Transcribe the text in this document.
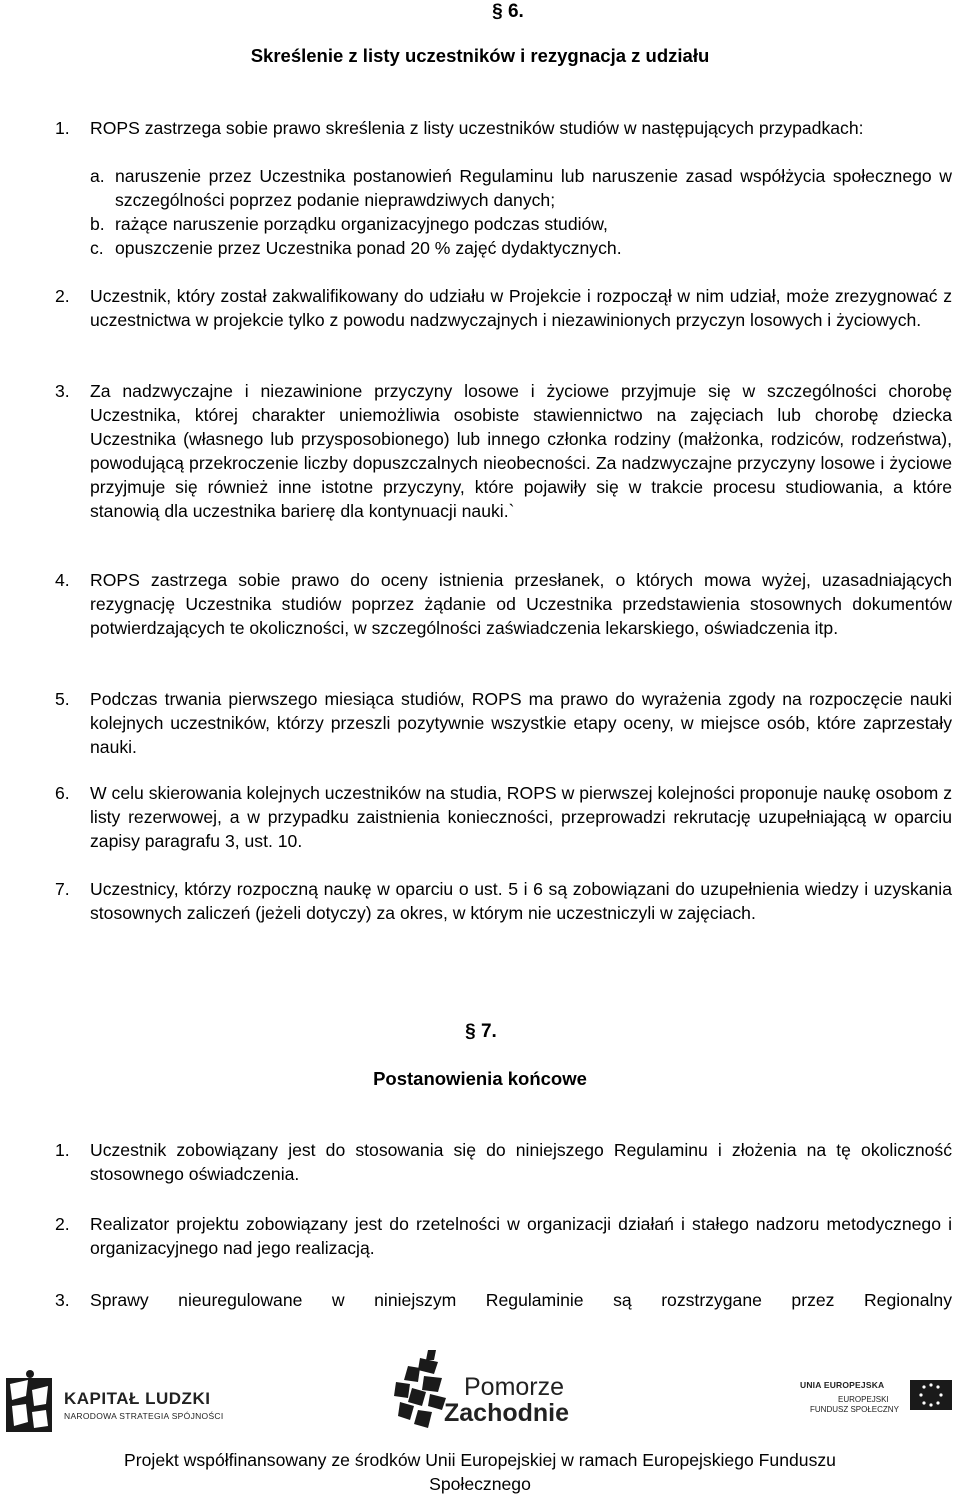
§ 6.
Skreślenie z listy uczestników i rezygnacja z udziału
1. ROPS zastrzega sobie prawo skreślenia z listy uczestników studiów w następujących przypadkach:
a. naruszenie przez Uczestnika postanowień Regulaminu lub naruszenie zasad współżycia społecznego w szczególności poprzez podanie nieprawdziwych danych;
b. rażące naruszenie porządku organizacyjnego podczas studiów,
c. opuszczenie przez Uczestnika ponad 20 % zajęć dydaktycznych.
2. Uczestnik, który został zakwalifikowany do udziału w Projekcie i rozpoczął w nim udział, może zrezygnować z uczestnictwa w projekcie tylko z powodu nadzwyczajnych i niezawinionych przyczyn losowych i życiowych.
3. Za nadzwyczajne i niezawinione przyczyny losowe i życiowe przyjmuje się w szczególności chorobę Uczestnika, której charakter uniemożliwia osobiste stawiennictwo na zajęciach lub chorobę dziecka Uczestnika (własnego lub przysposobionego) lub innego członka rodziny (małżonka, rodziców, rodzeństwa), powodującą przekroczenie liczby dopuszczalnych nieobecności. Za nadzwyczajne przyczyny losowe i życiowe przyjmuje się również inne istotne przyczyny, które pojawiły się w trakcie procesu studiowania, a które stanowią dla uczestnika barierę dla kontynuacji nauki.`
4. ROPS zastrzega sobie prawo do oceny istnienia przesłanek, o których mowa wyżej, uzasadniających rezygnację Uczestnika studiów poprzez żądanie od Uczestnika przedstawienia stosownych dokumentów potwierdzających te okoliczności, w szczególności zaświadczenia lekarskiego, oświadczenia itp.
5. Podczas trwania pierwszego miesiąca studiów, ROPS ma prawo do wyrażenia zgody na rozpoczęcie nauki kolejnych uczestników, którzy przeszli pozytywnie wszystkie etapy oceny, w miejsce osób, które zaprzestały nauki.
6. W celu skierowania kolejnych uczestników na studia, ROPS w pierwszej kolejności proponuje naukę osobom z listy rezerwowej, a w przypadku zaistnienia konieczności, przeprowadzi rekrutację uzupełniającą w oparciu zapisy paragrafu 3, ust. 10.
7. Uczestnicy, którzy rozpoczną naukę w oparciu o ust. 5 i 6 są zobowiązani do uzupełnienia wiedzy i uzyskania stosownych zaliczeń (jeżeli dotyczy) za okres, w którym nie uczestniczyli w zajęciach.
§ 7.
Postanowienia końcowe
1. Uczestnik zobowiązany jest do stosowania się do niniejszego Regulaminu i złożenia na tę okoliczność stosownego oświadczenia.
2. Realizator projektu zobowiązany jest do rzetelności w organizacji działań i stałego nadzoru metodycznego i organizacyjnego nad jego realizacją.
3. Sprawy nieuregulowane w niniejszym Regulaminie są rozstrzygane przez Regionalny
KAPITAŁ LUDZKI
NARODOWA STRATEGIA SPÓJNOŚCI
Pomorze
Zachodnie
UNIA EUROPEJSKA
EUROPEJSKI
FUNDUSZ SPOŁECZNY
Projekt współfinansowany ze środków Unii Europejskiej w ramach Europejskiego Funduszu
Społecznego
